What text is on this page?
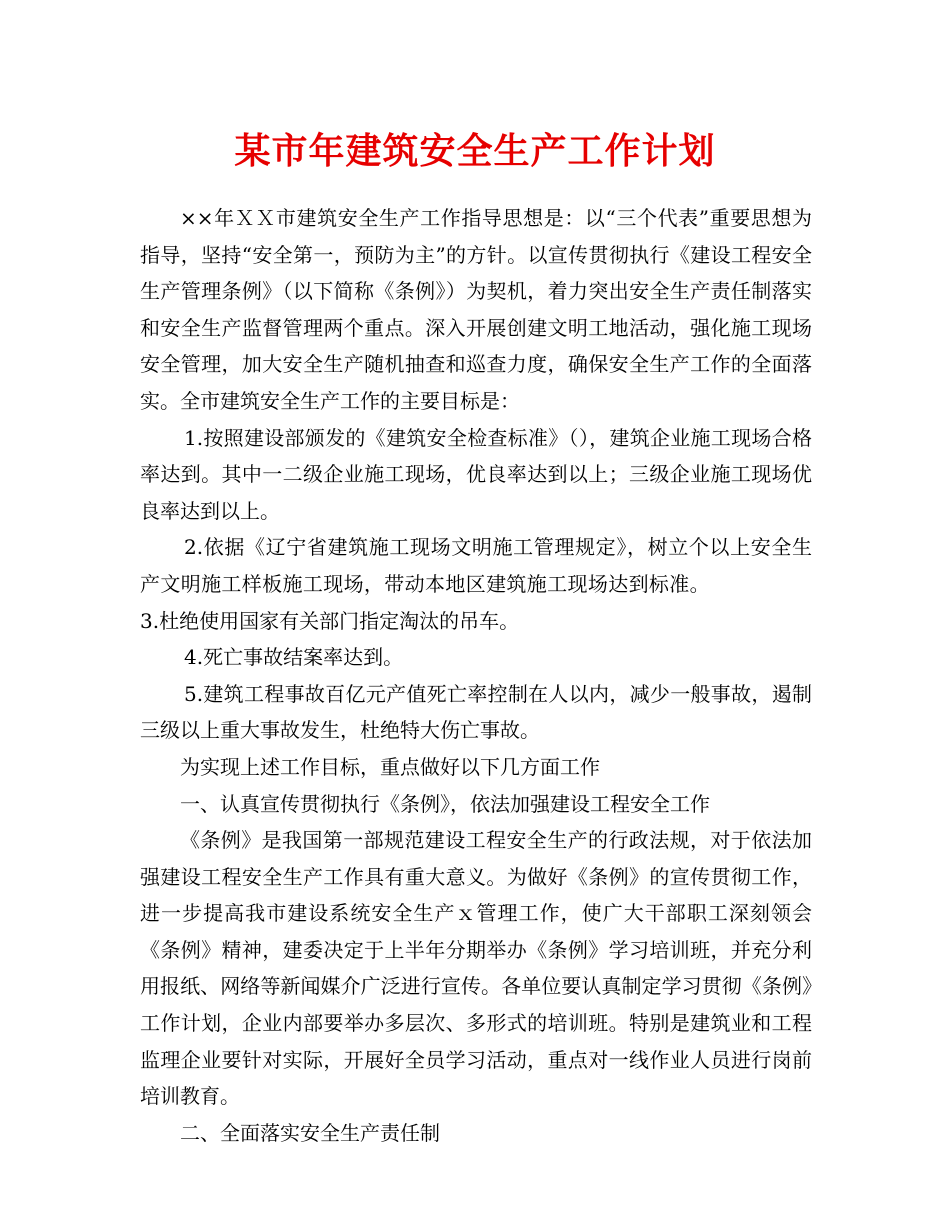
某市年建筑安全生产工作计划

××年ＸＸ市建筑安全生产工作指导思想是：以“三个代表”重要思想为指导，坚持“安全第一，预防为主”的方针。以宣传贯彻执行《建设工程安全生产管理条例》（以下简称《条例》）为契机，着力突出安全生产责任制落实和安全生产监督管理两个重点。深入开展创建文明工地活动，强化施工现场安全管理，加大安全生产随机抽查和巡查力度，确保安全生产工作的全面落实。全市建筑安全生产工作的主要目标是：

1.按照建设部颁发的《建筑安全检查标准》（），建筑企业施工现场合格率达到。其中一二级企业施工现场，优良率达到以上；三级企业施工现场优良率达到以上。

2.依据《辽宁省建筑施工现场文明施工管理规定》，树立个以上安全生产文明施工样板施工现场，带动本地区建筑施工现场达到标准。3.杜绝使用国家有关部门指定淘汰的吊车。

4.死亡事故结案率达到。

5.建筑工程事故百亿元产值死亡率控制在人以内，减少一般事故，遏制三级以上重大事故发生，杜绝特大伤亡事故。

为实现上述工作目标，重点做好以下几方面工作

一、认真宣传贯彻执行《条例》，依法加强建设工程安全工作

《条例》是我国第一部规范建设工程安全生产的行政法规，对于依法加强建设工程安全生产工作具有重大意义。为做好《条例》的宣传贯彻工作，进一步提高我市建设系统安全生产ｘ管理工作，使广大干部职工深刻领会《条例》精神，建委决定于上半年分期举办《条例》学习培训班，并充分利用报纸、网络等新闻媒介广泛进行宣传。各单位要认真制定学习贯彻《条例》工作计划，企业内部要举办多层次、多形式的培训班。特别是建筑业和工程监理企业要针对实际，开展好全员学习活动，重点对一线作业人员进行岗前培训教育。

二、全面落实安全生产责任制
